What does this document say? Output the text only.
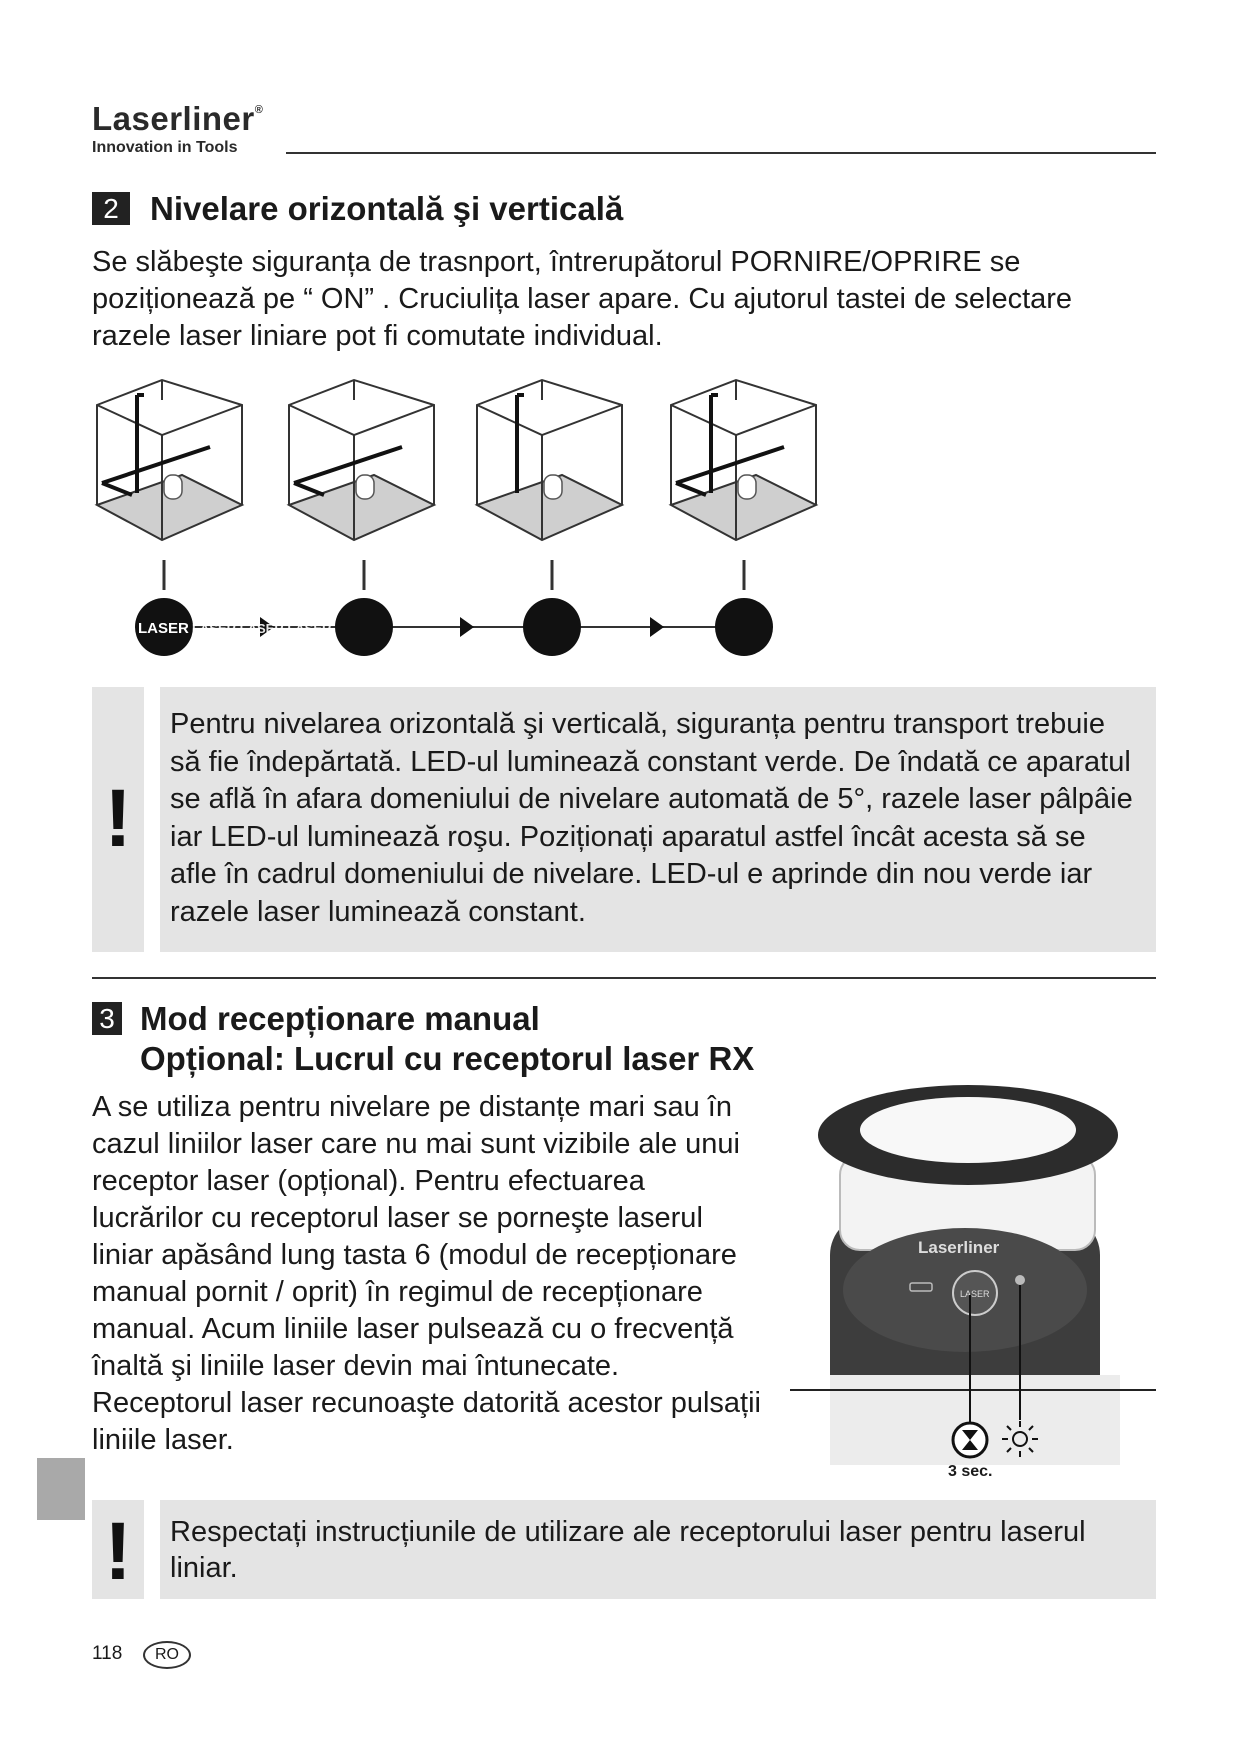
Laserliner®
Innovation in Tools
2 Nivelare orizontală şi verticală
Se slăbeşte siguranța de trasnport, întrerupătorul PORNIRE/OPRIRE se poziționează pe “ ON” . Cruciulița laser apare. Cu ajutorul tastei de selectare razele laser liniare pot fi comutate individual.
LASER LASER LASER LASER
!
Pentru nivelarea orizontală şi verticală, siguranța pentru transport trebuie să fie îndepărtată. LED-ul luminează constant verde. De îndată ce aparatul se află în afara domeniului de nivelare automată de 5°, razele laser pâlpâie iar LED-ul luminează roşu. Poziționați aparatul astfel încât acesta să se afle în cadrul domeniului de nivelare. LED-ul e aprinde din nou verde iar razele laser luminează constant.
3 Mod recepționare manual
Opțional: Lucrul cu receptorul laser RX
A se utiliza pentru nivelare pe distanțe mari sau în cazul liniilor laser care nu mai sunt vizibile ale unui receptor laser (opțional). Pentru efectuarea lucrărilor cu receptorul laser se porneşte laserul liniar apăsând lung tasta 6 (modul de recepționare manual pornit / oprit) în regimul de recepționare manual. Acum liniile laser pulsează cu o frecvență înaltă şi liniile laser devin mai întunecate. Receptorul laser recunoaşte datorită acestor pulsații liniile laser.
Laserliner
LASER
3 sec.
!	Respectați instrucțiunile de utilizare ale receptorului laser pentru laserul liniar.
118	RO
